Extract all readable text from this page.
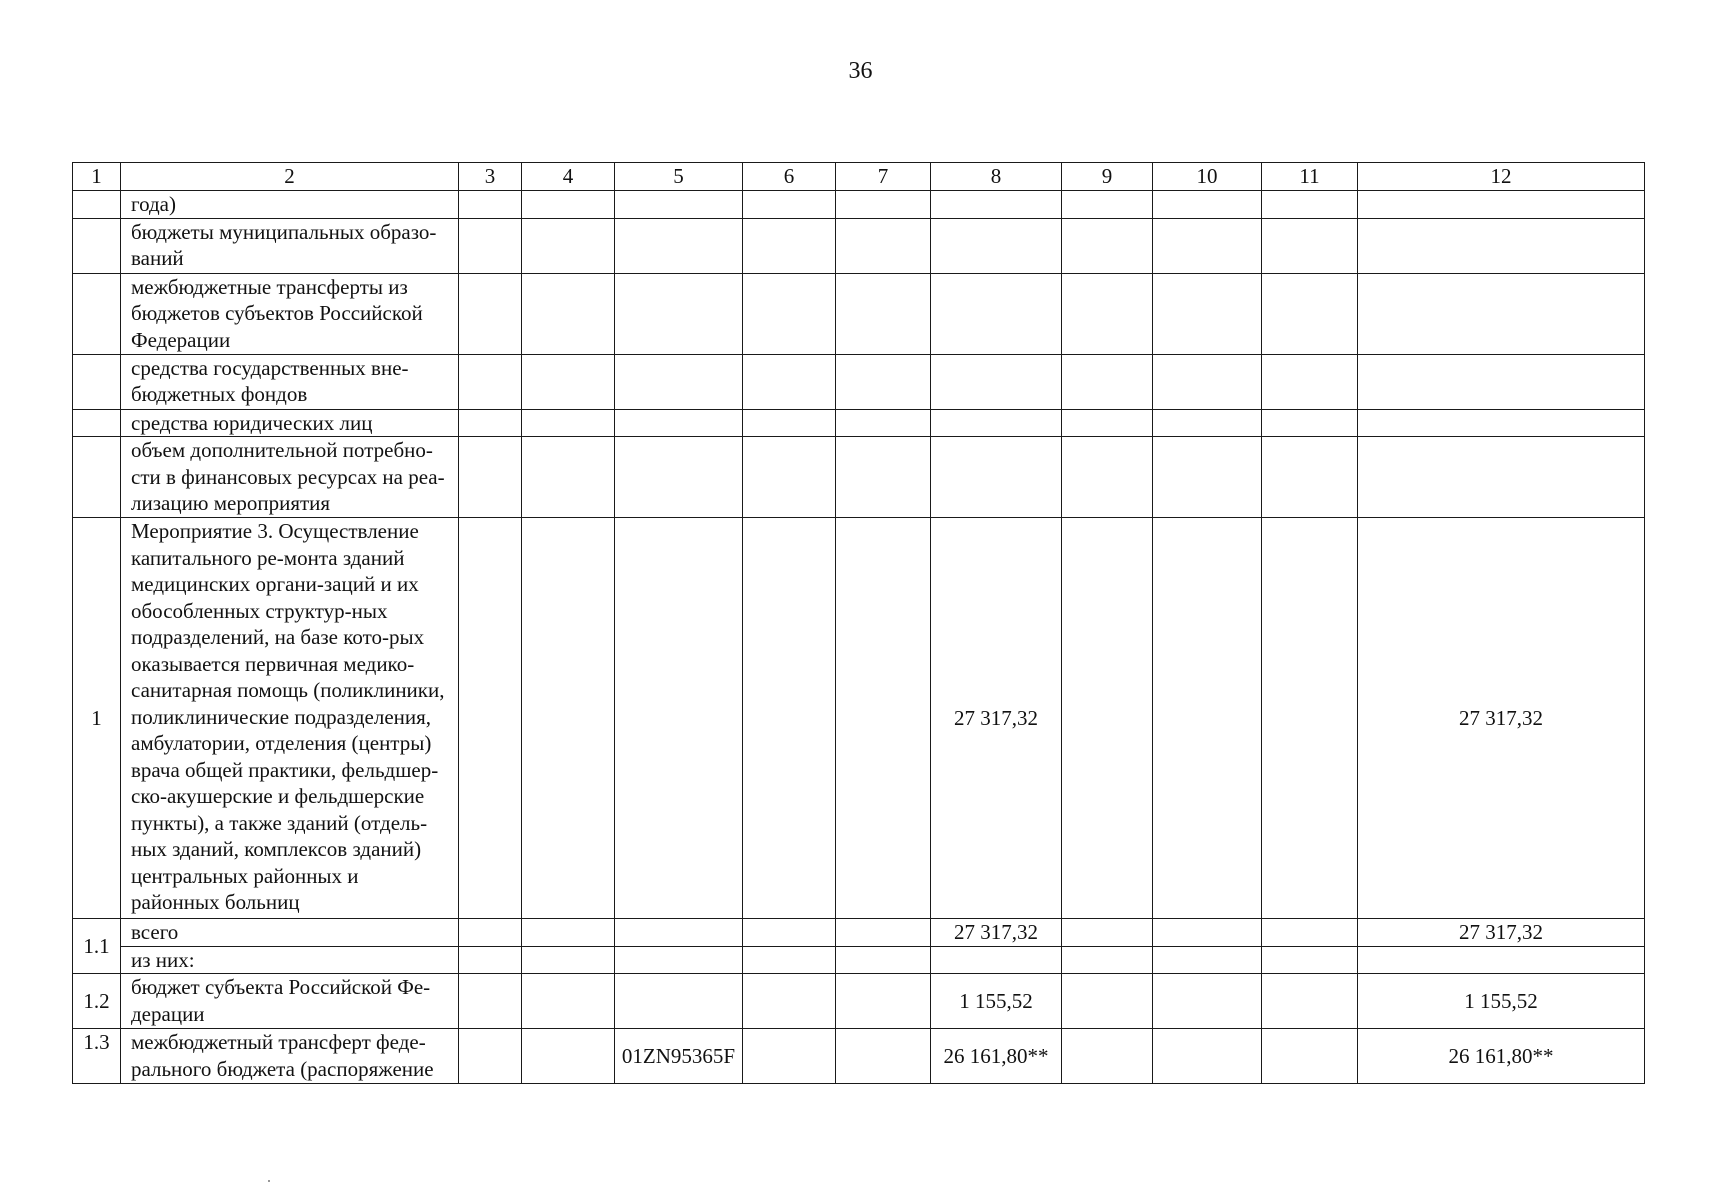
36
1	2	3	4	5	6	7	8	9	10	11	12
	года)										
	бюджеты муниципальных образо-ваний										
	межбюджетные трансферты из бюджетов субъектов Российской Федерации										
	средства государственных вне-бюджетных фондов										
	средства юридических лиц										
	объем дополнительной потребно-сти в финансовых ресурсах на реа-лизацию мероприятия										
1	Мероприятие 3. Осуществление капитального ре-монта зданий медицинских органи-заций и их обособленных структур-ных подразделений, на базе кото-рых оказывается первичная медико-санитарная помощь (поликлиники, поликлинические подразделения, амбулатории, отделения (центры) врача общей практики, фельдшер-ско-акушерские и фельдшерские пункты), а также зданий (отдель-ных зданий, комплексов зданий) центральных районных и районных больниц						27 317,32				27 317,32
1.1	всего						27 317,32				27 317,32
	из них:										
1.2	бюджет субъекта Российской Фе-дерации						1 155,52				1 155,52
1.3	межбюджетный трансферт феде-рального бюджета (распоряжение			01ZN95365F			26 161,80**				26 161,80**
